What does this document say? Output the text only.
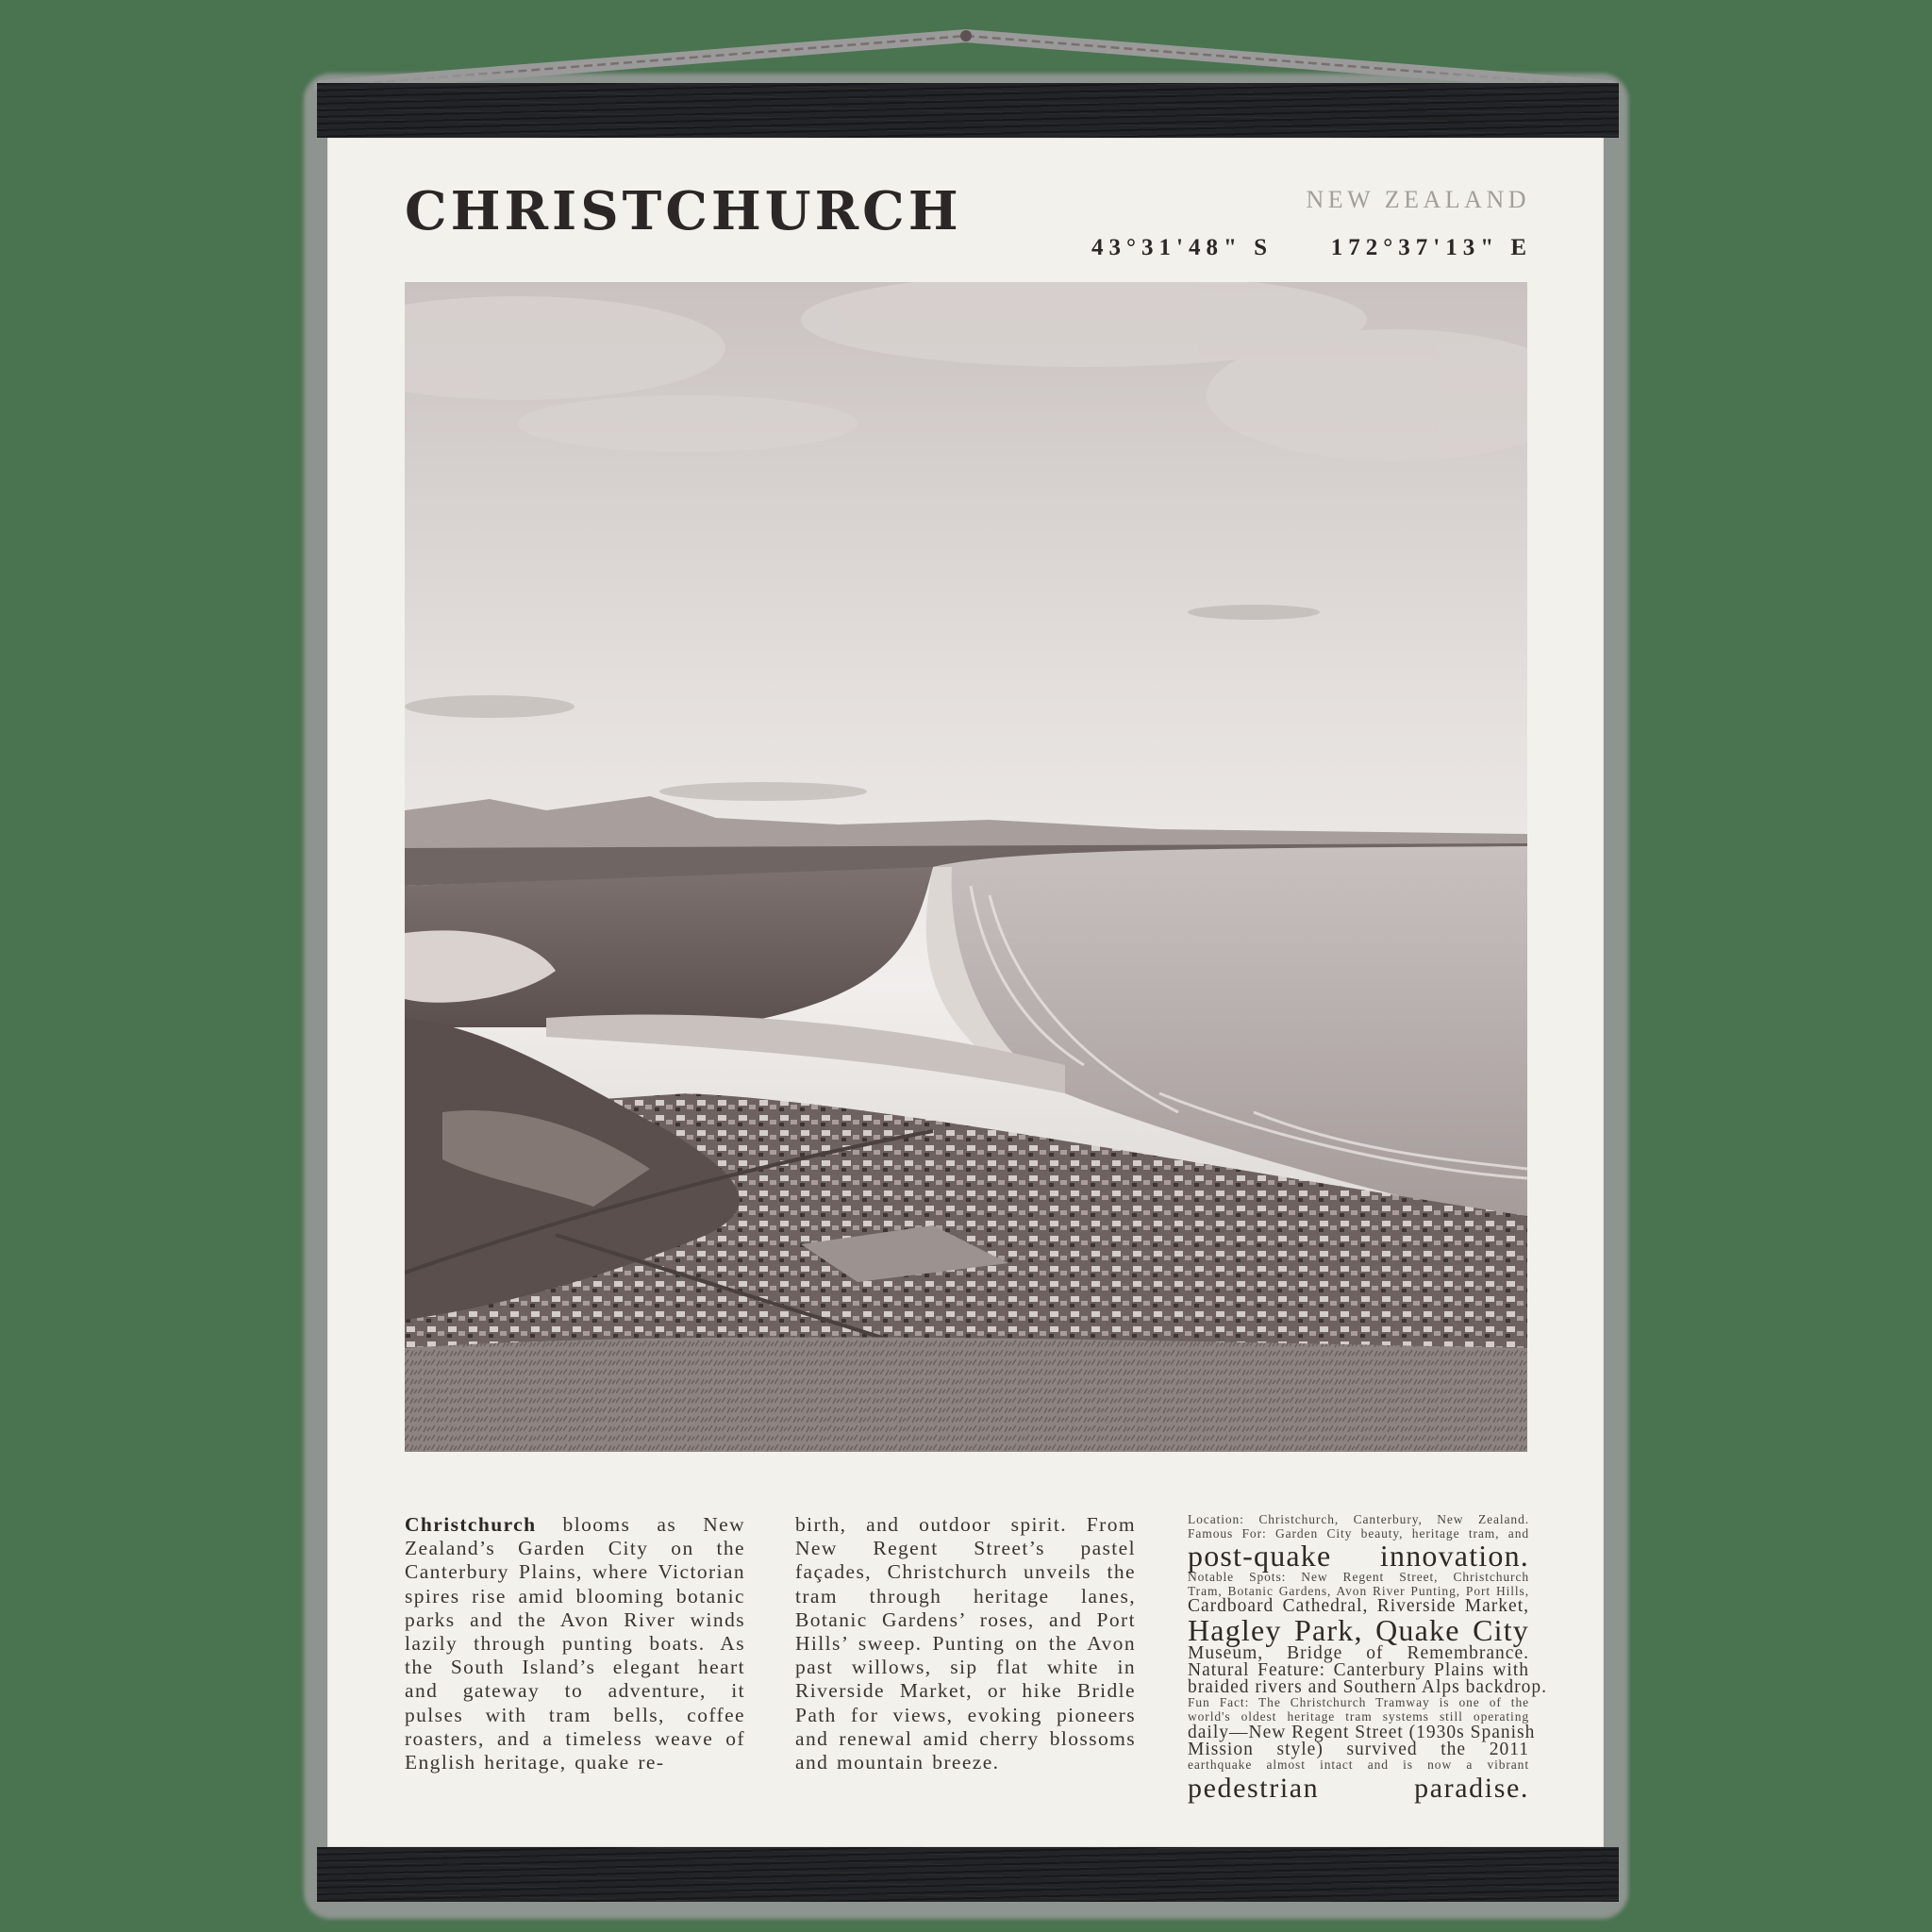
CHRISTCHURCH	NEW ZEALAND
43°31'48" S 172°37'13" E
Christchurch blooms as New Zealand’s Garden City on the Canterbury Plains, where Victorian spires rise amid blooming botanic parks and the Avon River winds lazily through punting boats. As the South Island’s elegant heart and gateway to adventure, it pulses with tram bells, coffee roasters, and a timeless weave of English heritage, quake re-
birth, and outdoor spirit. From New Regent Street’s pastel façades, Christchurch unveils the tram through heritage lanes, Botanic Gardens’ roses, and Port Hills’ sweep. Punting on the Avon past willows, sip flat white in Riverside Market, or hike Bridle Path for views, evoking pioneers and renewal amid cherry blossoms and mountain breeze.
Location: Christchurch, Canterbury, New Zealand.
Famous For: Garden City beauty, heritage tram, and
post-quake innovation.
Notable Spots: New Regent Street, Christchurch
Tram, Botanic Gardens, Avon River Punting, Port Hills,
Cardboard Cathedral, Riverside Market,
Hagley Park, Quake City
Museum, Bridge of Remembrance.
Natural Feature: Canterbury Plains with
braided rivers and Southern Alps backdrop.
Fun Fact: The Christchurch Tramway is one of the
world's oldest heritage tram systems still operating
daily—New Regent Street (1930s Spanish
Mission style) survived the 2011
earthquake almost intact and is now a vibrant
pedestrian paradise.
